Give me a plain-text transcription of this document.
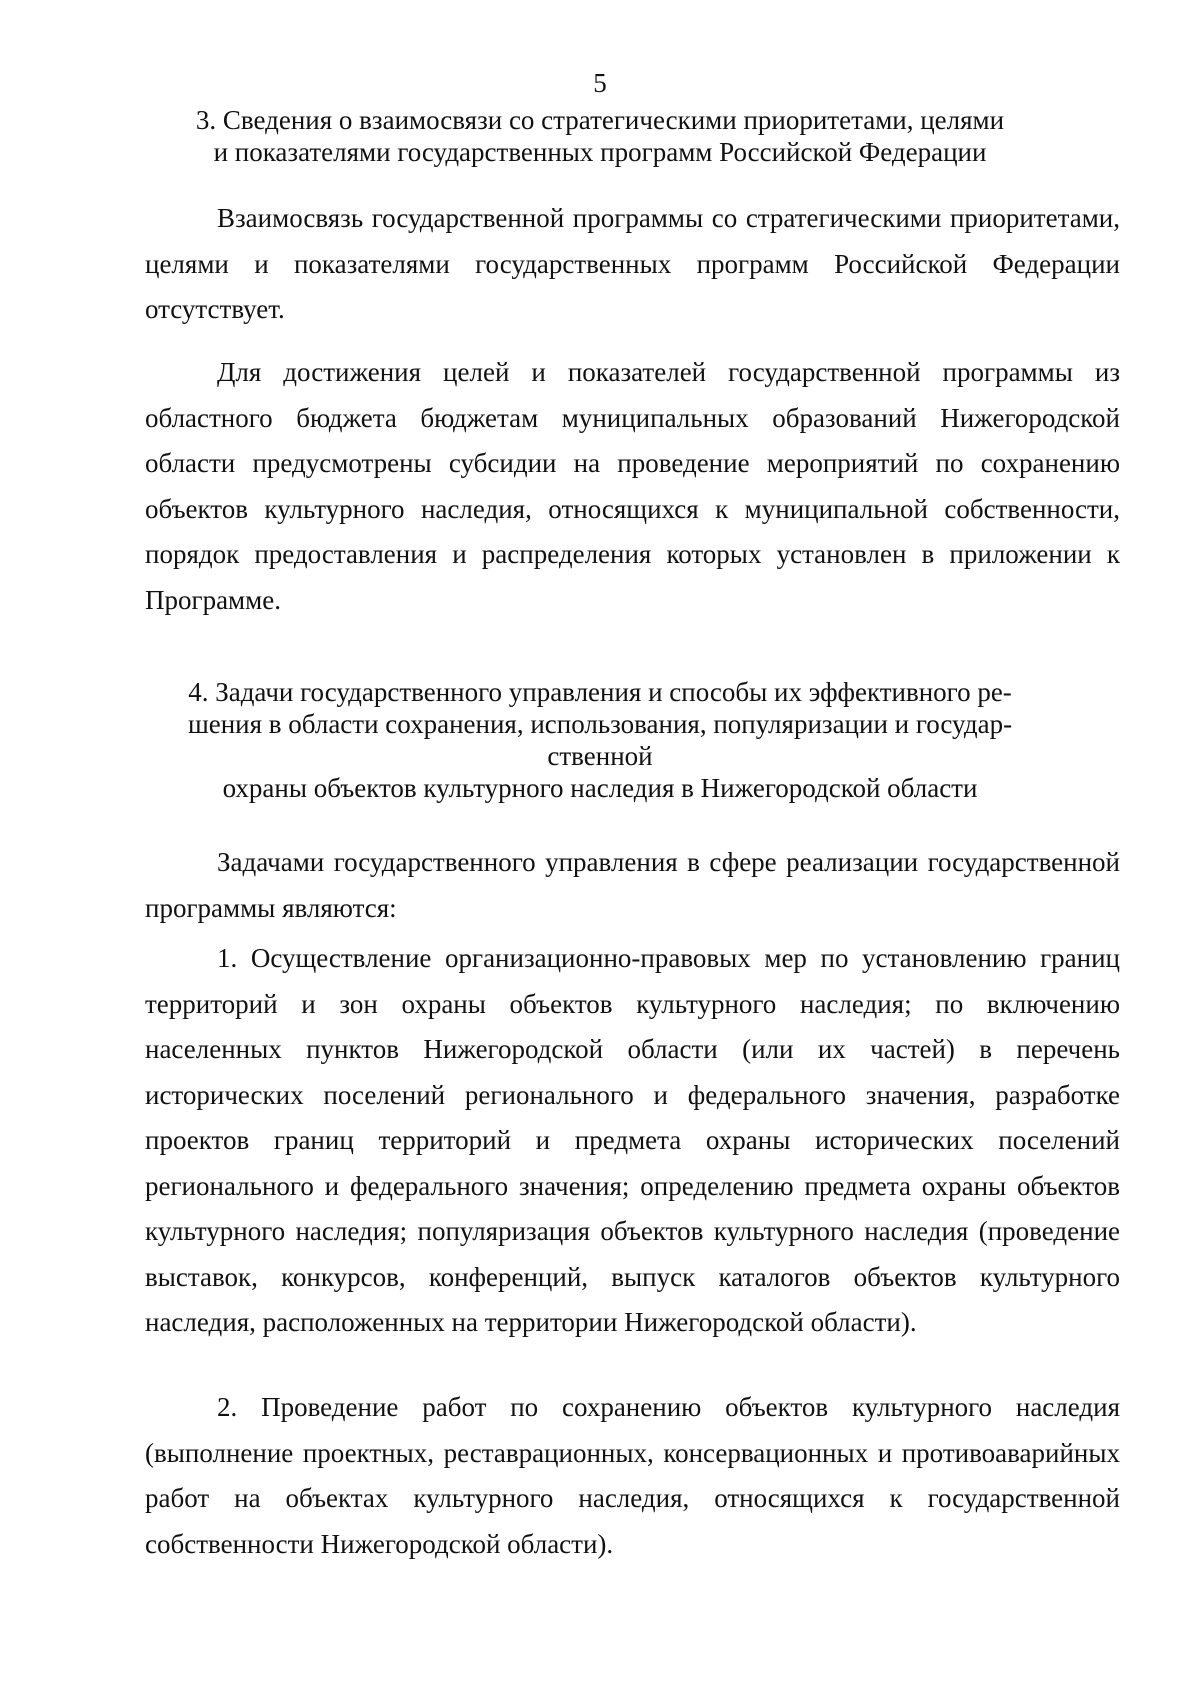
5
3. Сведения о взаимосвязи со стратегическими приоритетами, целями
и показателями государственных программ Российской Федерации

Взаимосвязь государственной программы со стратегическими приоритетами, целями и показателями государственных программ Российской Федерации отсутствует.

Для достижения целей и показателей государственной программы из областного бюджета бюджетам муниципальных образований Нижегородской области предусмотрены субсидии на проведение мероприятий по сохранению объектов культурного наследия, относящихся к муниципальной собственности, порядок предоставления и распределения которых установлен в приложении к Программе.

4. Задачи государственного управления и способы их эффективного ре-
шения в области сохранения, использования, популяризации и государ-
ственной
охраны объектов культурного наследия в Нижегородской области

Задачами государственного управления в сфере реализации государственной программы являются:

1. Осуществление организационно-правовых мер по установлению границ территорий и зон охраны объектов культурного наследия; по включению населенных пунктов Нижегородской области (или их частей) в перечень исторических поселений регионального и федерального значения, разработке проектов границ территорий и предмета охраны исторических поселений регионального и федерального значения; определению предмета охраны объектов культурного наследия; популяризация объектов культурного наследия (проведение выставок, конкурсов, конференций, выпуск каталогов объектов культурного наследия, расположенных на территории Нижегородской области).

2. Проведение работ по сохранению объектов культурного наследия (выполнение проектных, реставрационных, консервационных и противоаварийных работ на объектах культурного наследия, относящихся к государственной собственности Нижегородской области).
